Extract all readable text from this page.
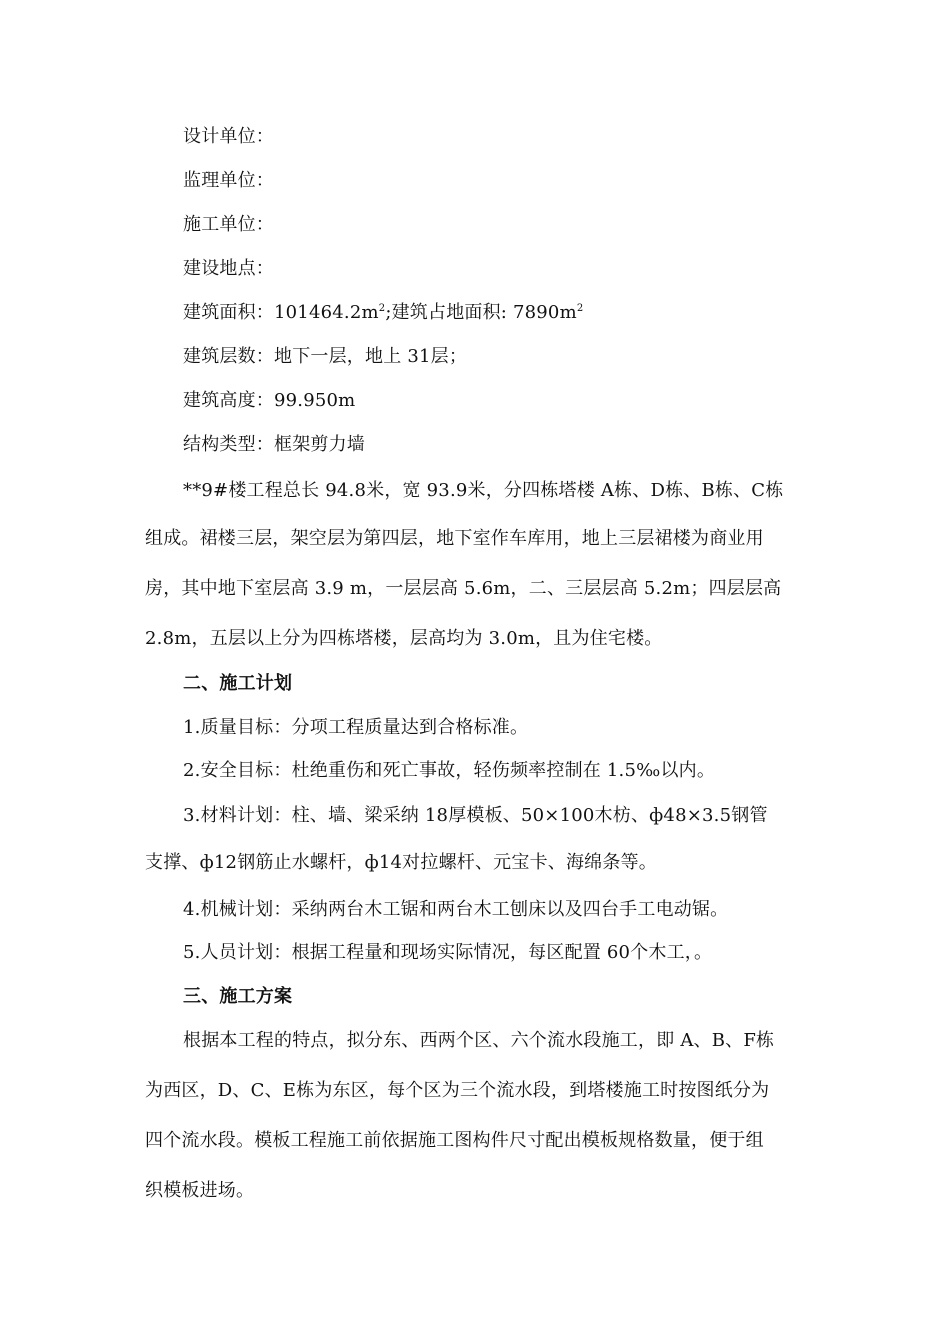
设计单位：
监理单位：
施工单位：
建设地点：
建筑面积：$101464.2m^2$;建筑占地面积: $7890m^2$
建筑层数：地下一层，地上 31层；
建筑高度：99.950m
结构类型：框架剪力墙
**9#楼工程总长 94.8米，宽 93.9米，分四栋塔楼 A栋、D栋、B栋、C栋
组成。裙楼三层，架空层为第四层，地下室作车库用，地上三层裙楼为商业用
房，其中地下室层高 3.9 m，一层层高 5.6m，二、三层层高 5.2m；四层层高
2.8m，五层以上分为四栋塔楼，层高均为 3.0m，且为住宅楼。
二、施工计划
1.质量目标：分项工程质量达到合格标准。
2.安全目标：杜绝重伤和死亡事故，轻伤频率控制在 1.5‰以内。
3.材料计划：柱、墙、梁采纳 18厚模板、50×100木枋、ф48×3.5钢管
支撑、ф12钢筋止水螺杆，ф14对拉螺杆、元宝卡、海绵条等。
4.机械计划：采纳两台木工锯和两台木工刨床以及四台手工电动锯。
5.人员计划：根据工程量和现场实际情况，每区配置 60个木工，。
三、施工方案
根据本工程的特点，拟分东、西两个区、六个流水段施工，即 A、B、F栋
为西区，D、C、E栋为东区，每个区为三个流水段，到塔楼施工时按图纸分为
四个流水段。模板工程施工前依据施工图构件尺寸配出模板规格数量，便于组
织模板进场。
